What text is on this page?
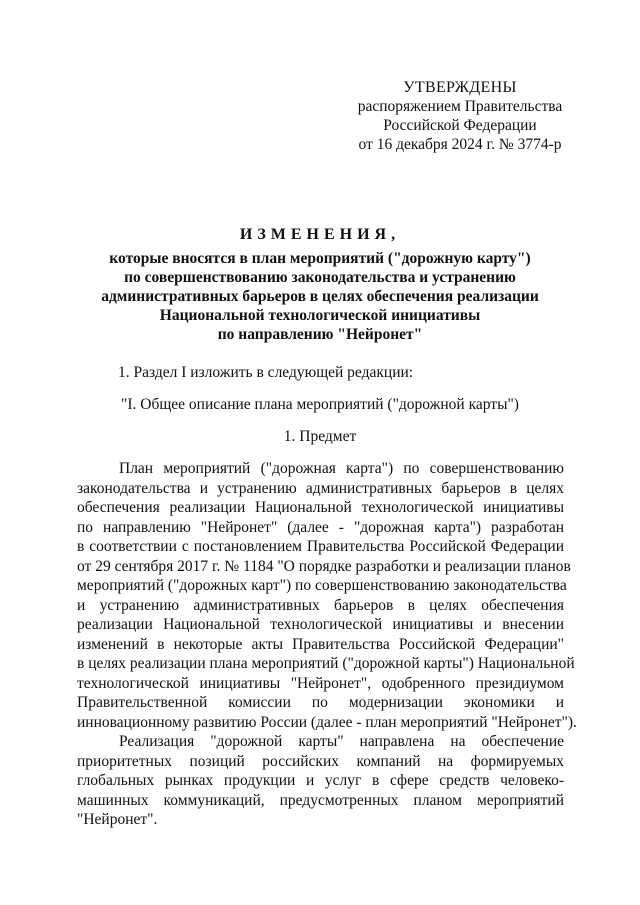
УТВЕРЖДЕНЫ
распоряжением Правительства
Российской Федерации
от 16 декабря 2024 г. № 3774-р
ИЗМЕНЕНИЯ,
которые вносятся в план мероприятий ("дорожную карту")
по совершенствованию законодательства и устранению
административных барьеров в целях обеспечения реализации
Национальной технологической инициативы
по направлению "Нейронет"
1. Раздел I изложить в следующей редакции:
"I. Общее описание плана мероприятий ("дорожной карты")
1. Предмет
План мероприятий ("дорожная карта") по совершенствованию
законодательства и устранению административных барьеров в целях
обеспечения реализации Национальной технологической инициативы
по направлению "Нейронет" (далее - "дорожная карта") разработан
в соответствии с постановлением Правительства Российской Федерации
от 29 сентября 2017 г. № 1184 "О порядке разработки и реализации планов
мероприятий ("дорожных карт") по совершенствованию законодательства
и устранению административных барьеров в целях обеспечения
реализации Национальной технологической инициативы и внесении
изменений в некоторые акты Правительства Российской Федерации"
в целях реализации плана мероприятий ("дорожной карты") Национальной
технологической инициативы "Нейронет", одобренного президиумом
Правительственной комиссии по модернизации экономики и
инновационному развитию России (далее - план мероприятий "Нейронет").
Реализация "дорожной карты" направлена на обеспечение
приоритетных позиций российских компаний на формируемых
глобальных рынках продукции и услуг в сфере средств человеко-
машинных коммуникаций, предусмотренных планом мероприятий
"Нейронет".
